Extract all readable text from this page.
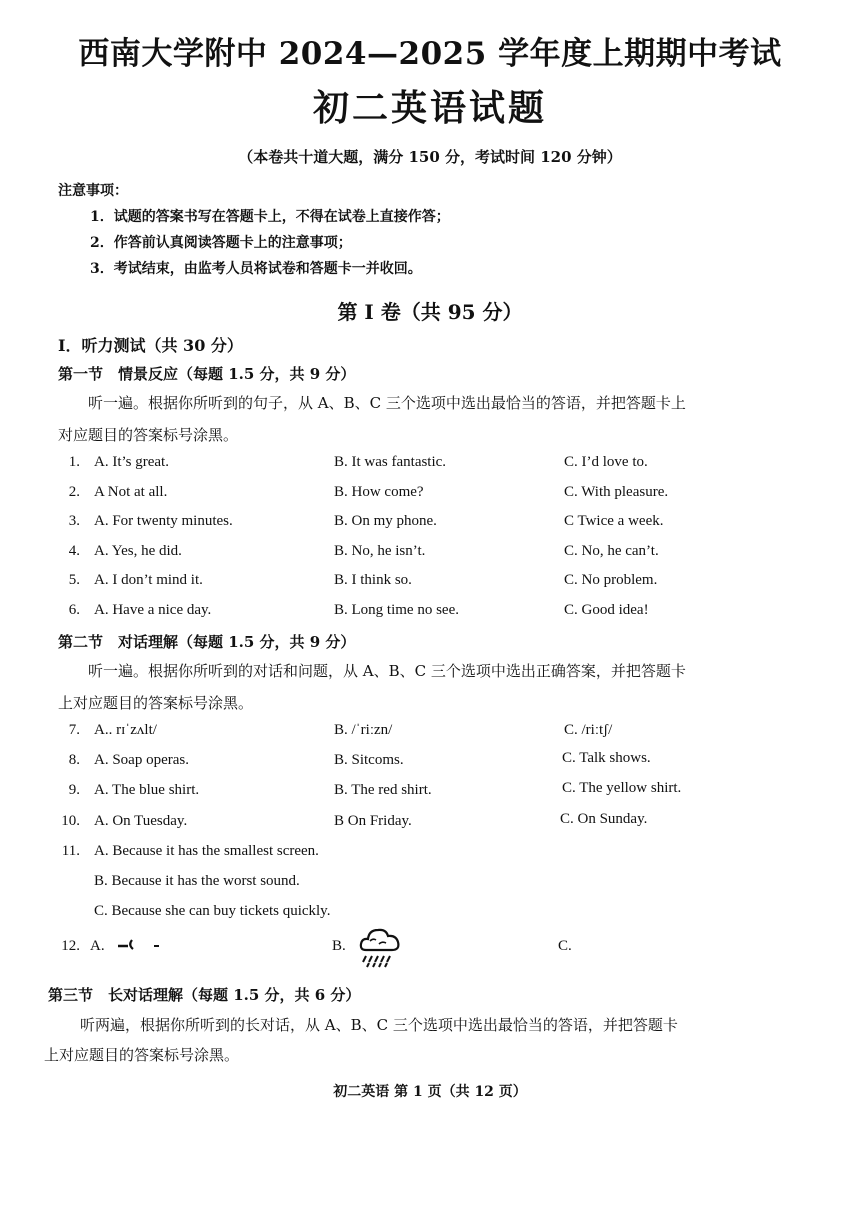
西南大学附中 2024—2025 学年度上期期中考试
初二英语试题
（本卷共十道大题，满分 150 分，考试时间 120 分钟）
注意事项：
1．试题的答案书写在答题卡上，不得在试卷上直接作答；
2．作答前认真阅读答题卡上的注意事项；
3．考试结束，由监考人员将试卷和答题卡一并收回。
第 I 卷（共 95 分）
I．听力测试（共 30 分）
第一节　情景反应（每题 1.5 分，共 9 分）
听一遍。根据你所听到的句子，从 A、B、C 三个选项中选出最恰当的答语，并把答题卡上
对应题目的答案标号涂黑。
1. A. It’s great.	B. It was fantastic.	C. I’d love to.
2. A Not at all.	B. How come?	C. With pleasure.
3. A. For twenty minutes.	B. On my phone.	C Twice a week.
4. A. Yes, he did.	B. No, he isn’t.	C. No, he can’t.
5. A. I don’t mind it.	B. I think so.	C. No problem.
6. A. Have a nice day.	B. Long time no see.	C. Good idea!
第二节　对话理解（每题 1.5 分，共 9 分）
听一遍。根据你所听到的对话和问题，从 A、B、C 三个选项中选出正确答案，并把答题卡
上对应题目的答案标号涂黑。
7. A.. rɪˈzʌlt/	B. /ˈriːzn/	C. /riːtʃ/
8. A. Soap operas.	B. Sitcoms.	C. Talk shows.
9. A. The blue shirt.	B. The red shirt.	C. The yellow shirt.
10. A. On Tuesday.	B On Friday.	C. On Sunday.
11. A. Because it has the smallest screen.
B. Because it has the worst sound.
C. Because she can buy tickets quickly.
12. A.	B.	C.
第三节　长对话理解（每题 1.5 分，共 6 分）
听两遍，根据你所听到的长对话，从 A、B、C 三个选项中选出最恰当的答语，并把答题卡
上对应题目的答案标号涂黑。
初二英语 第 1 页（共 12 页）
